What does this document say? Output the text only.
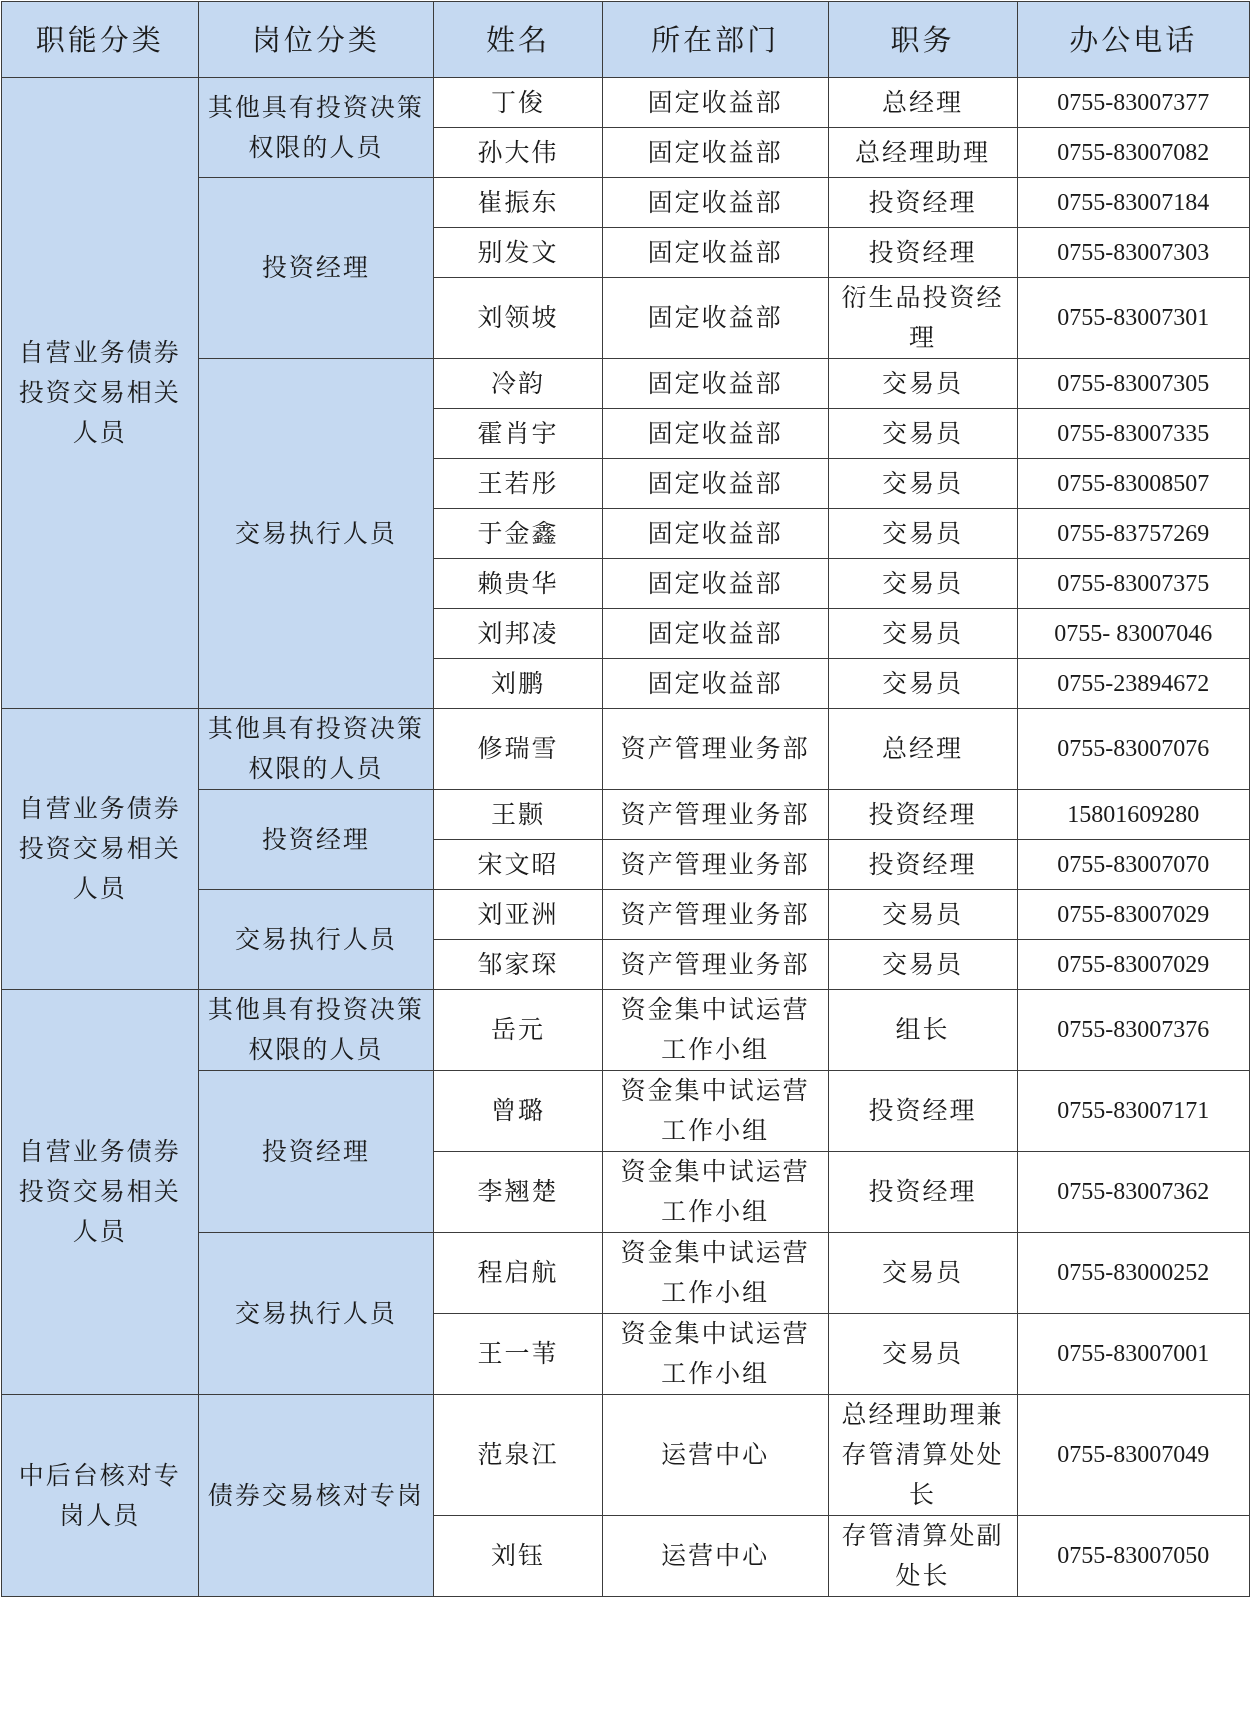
职能分类	岗位分类	姓名	所在部门	职务	办公电话
自营业务债券投资交易相关人员	其他具有投资决策权限的人员	丁俊	固定收益部	总经理	0755-83007377
		孙大伟	固定收益部	总经理助理	0755-83007082
	投资经理	崔振东	固定收益部	投资经理	0755-83007184
		别发文	固定收益部	投资经理	0755-83007303
		刘领坡	固定收益部	衍生品投资经理	0755-83007301
	交易执行人员	冷韵	固定收益部	交易员	0755-83007305
		霍肖宇	固定收益部	交易员	0755-83007335
		王若彤	固定收益部	交易员	0755-83008507
		于金鑫	固定收益部	交易员	0755-83757269
		赖贵华	固定收益部	交易员	0755-83007375
		刘邦凌	固定收益部	交易员	0755- 83007046
		刘鹏	固定收益部	交易员	0755-23894672
自营业务债券投资交易相关人员	其他具有投资决策权限的人员	修瑞雪	资产管理业务部	总经理	0755-83007076
	投资经理	王颢	资产管理业务部	投资经理	15801609280
		宋文昭	资产管理业务部	投资经理	0755-83007070
	交易执行人员	刘亚洲	资产管理业务部	交易员	0755-83007029
		邹家琛	资产管理业务部	交易员	0755-83007029
自营业务债券投资交易相关人员	其他具有投资决策权限的人员	岳元	资金集中试运营工作小组	组长	0755-83007376
	投资经理	曾璐	资金集中试运营工作小组	投资经理	0755-83007171
		李翘楚	资金集中试运营工作小组	投资经理	0755-83007362
	交易执行人员	程启航	资金集中试运营工作小组	交易员	0755-83000252
		王一苇	资金集中试运营工作小组	交易员	0755-83007001
中后台核对专岗人员	债券交易核对专岗	范泉江	运营中心	总经理助理兼存管清算处处长	0755-83007049
		刘钰	运营中心	存管清算处副处长	0755-83007050
